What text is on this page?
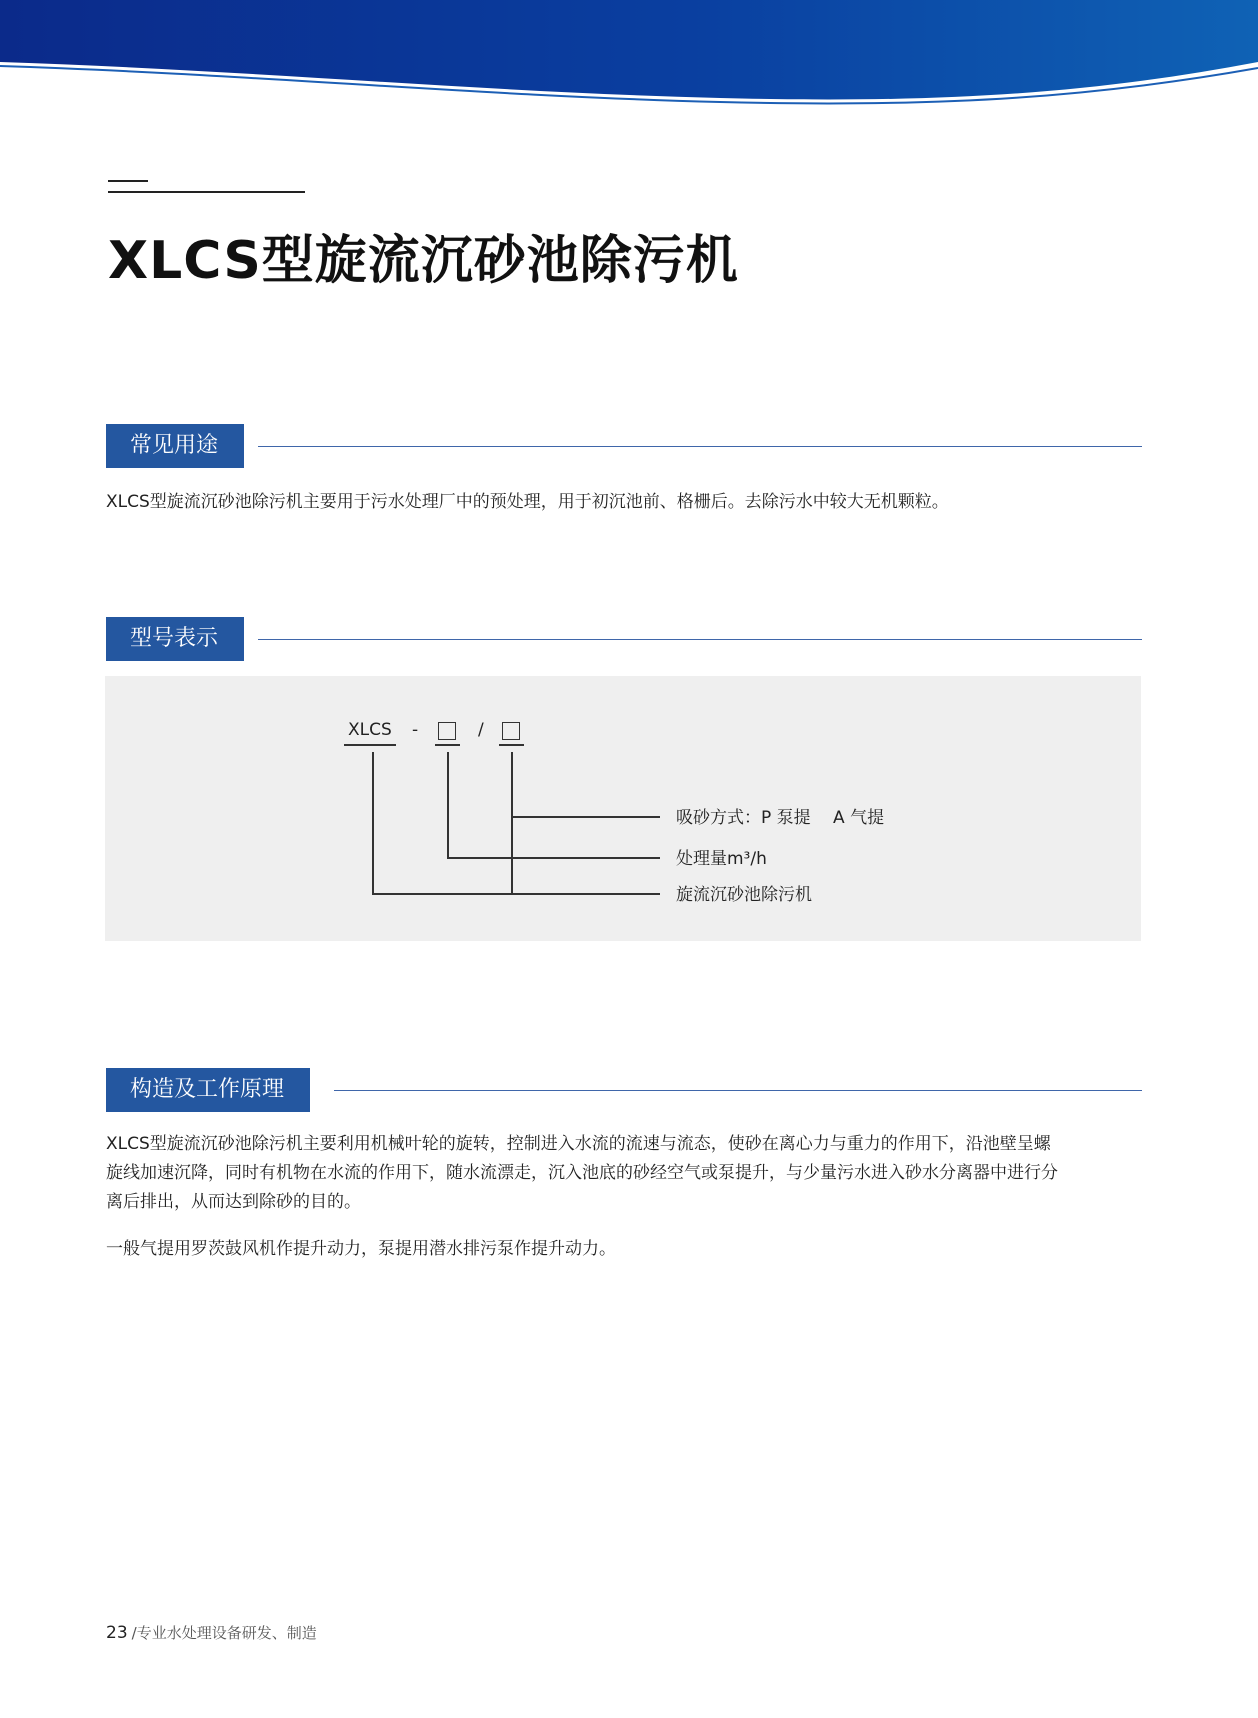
XLCS型旋流沉砂池除污机
常见用途
XLCS型旋流沉砂池除污机主要用于污水处理厂中的预处理，用于初沉池前、格栅后。去除污水中较大无机颗粒。
型号表示
XLCS -	/
吸砂方式：P 泵提　 A 气提
处理量m³/h
旋流沉砂池除污机
构造及工作原理
XLCS型旋流沉砂池除污机主要利用机械叶轮的旋转，控制进入水流的流速与流态，使砂在离心力与重力的作用下，沿池壁呈螺
旋线加速沉降，同时有机物在水流的作用下，随水流漂走，沉入池底的砂经空气或泵提升，与少量污水进入砂水分离器中进行分
离后排出，从而达到除砂的目的。
一般气提用罗茨鼓风机作提升动力，泵提用潜水排污泵作提升动力。
23 /专业水处理设备研发、制造
